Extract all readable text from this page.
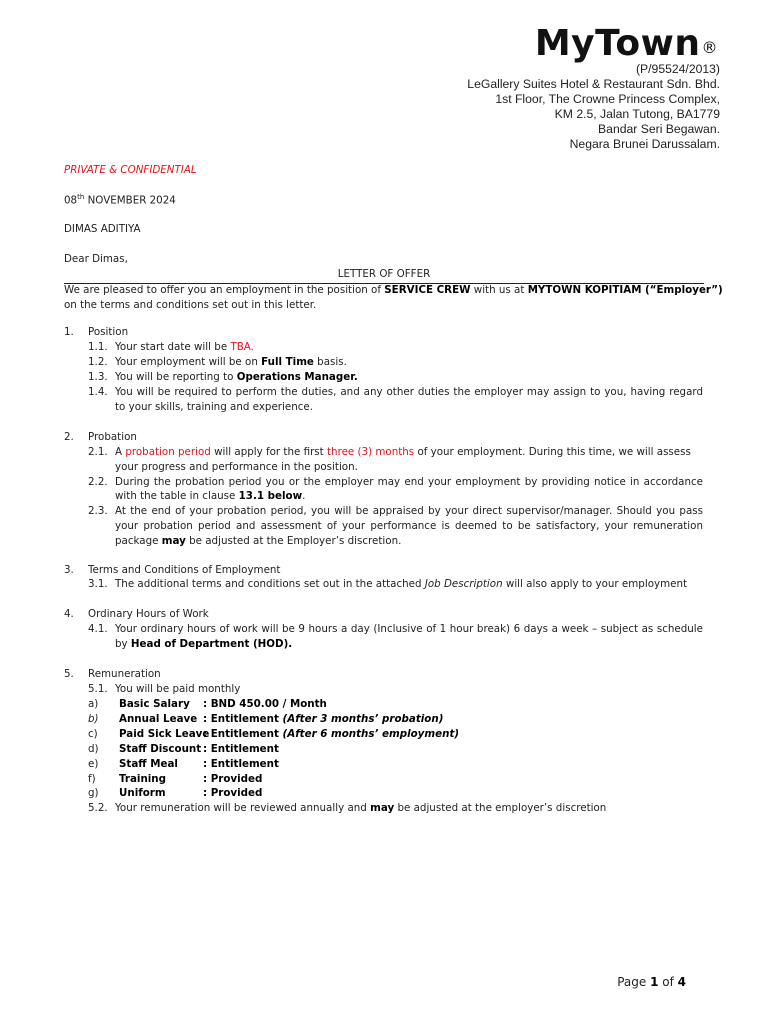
MyTown®
(P/95524/2013)
LeGallery Suites Hotel & Restaurant Sdn. Bhd.
1st Floor, The Crowne Princess Complex,
KM 2.5, Jalan Tutong, BA1779
Bandar Seri Begawan.
Negara Brunei Darussalam.
PRIVATE & CONFIDENTIAL
08th NOVEMBER 2024
DIMAS ADITIYA
Dear Dimas,
LETTER OF OFFER
We are pleased to offer you an employment in the position of SERVICE CREW with us at MYTOWN KOPITIAM (“Employer”)
on the terms and conditions set out in this letter.
1. Position
1.1. Your start date will be TBA.
1.2. Your employment will be on Full Time basis.
1.3. You will be reporting to Operations Manager.
1.4. You will be required to perform the duties, and any other duties the employer may assign to you, having regard
to your skills, training and experience.
2. Probation
2.1. A probation period will apply for the first three (3) months of your employment. During this time, we will assess
your progress and performance in the position.
2.2. During the probation period you or the employer may end your employment by providing notice in accordance
with the table in clause 13.1 below.
2.3. At the end of your probation period, you will be appraised by your direct supervisor/manager. Should you pass
your probation period and assessment of your performance is deemed to be satisfactory, your remuneration
package may be adjusted at the Employer’s discretion.
3. Terms and Conditions of Employment
3.1. The additional terms and conditions set out in the attached Job Description will also apply to your employment
4. Ordinary Hours of Work
4.1. Your ordinary hours of work will be 9 hours a day (Inclusive of 1 hour break) 6 days a week – subject as schedule
by Head of Department (HOD).
5. Remuneration
5.1. You will be paid monthly
a) Basic Salary : BND 450.00 / Month
b) Annual Leave : Entitlement (After 3 months’ probation)
c) Paid Sick Leave
: Entitlement (After 6 months’ employment)
d) Staff Discount : Entitlement
e) Staff Meal : Entitlement
f) Training	: Provided
g) Uniform	: Provided
5.2. Your remuneration will be reviewed annually and may be adjusted at the employer’s discretion
Page 1 of 4
